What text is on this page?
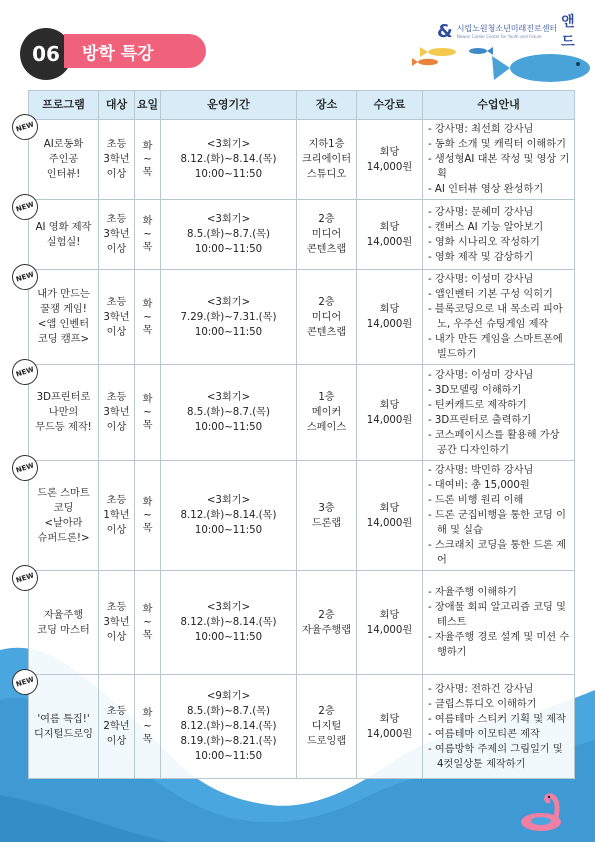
06	방학 특강
& 시립노원청소년미래진로센터
Nowon Career Center for Youth and Future
앤드
프로그램	대상	요일	운영기간	장소	수강료	수업안내

AI로동화
주인공
인터뷰!	초등
3학년
이상	화
~
목	<3회기>
8.12.(화)~8.14.(목)
10:00~11:50	지하1층
크리에이터
스튜디오	회당
14,000원	- 강사명: 최선희 강사님
- 동화 소개 및 캐릭터 이해하기
- 생성형AI 대본 작성 및 영상 기획
- AI 인터뷰 영상 완성하기

AI 영화 제작
실험실!	초등
3학년
이상	화
~
목	<3회기>
8.5.(화)~8.7.(목)
10:00~11:50	2층
미디어
콘텐츠랩	회당
14,000원	- 강사명: 문혜미 강사님
- 캔버스 AI 기능 알아보기
- 영화 시나리오 작성하기
- 영화 제작 및 감상하기

내가 만드는
꿀잼 게임!
<앱 인벤터
코딩 캠프>	초등
3학년
이상	화
~
목	<3회기>
7.29.(화)~7.31.(목)
10:00~11:50	2층
미디어
콘텐츠랩	회당
14,000원	- 강사명: 이성미 강사님
- 앱인벤터 기본 구성 익히기
- 블록코딩으로 내 목소리 피아노, 우주선 슈팅게임 제작
- 내가 만든 게임을 스마트폰에 빌드하기

3D프린터로
나만의
무드등 제작!	초등
3학년
이상	화
~
목	<3회기>
8.5.(화)~8.7.(목)
10:00~11:50	1층
메이커
스페이스	회당
14,000원	- 강사명: 이성미 강사님
- 3D모델링 이해하기
- 틴커캐드로 제작하기
- 3D프린터로 출력하기
- 코스페이시스를 활용해 가상 공간 디자인하기

드론 스마트
코딩
<날아라
슈퍼드론!>	초등
1학년
이상	화
~
목	<3회기>
8.12.(화)~8.14.(목)
10:00~11:50	3층
드론랩	회당
14,000원	- 강사명: 박민하 강사님
- 대여비: 총 15,000원
- 드론 비행 원리 이해
- 드론 군집비행을 통한 코딩 이해 및 실습
- 스크래치 코딩을 통한 드론 제어

자율주행
코딩 마스터	초등
3학년
이상	화
~
목	<3회기>
8.12.(화)~8.14.(목)
10:00~11:50	2층
자율주행랩	회당
14,000원	- 자율주행 이해하기
- 장애물 회피 알고리즘 코딩 및 테스트
- 자율주행 경로 설계 및 미션 수행하기

'여름 특집!'
디지털드로잉	초등
2학년
이상	화
~
목	<9회기>
8.5.(화)~8.7.(목)
8.12.(화)~8.14.(목)
8.19.(화)~8.21.(목)
10:00~11:50	2층
디지털
드로잉랩	회당
14,000원	- 강사명: 전하건 강사님
- 클립스튜디오 이해하기
- 여름테마 스티커 기획 및 제작
- 여름테마 이모티콘 제작
- 여름방학 주제의 그림일기 및 4컷일상툰 제작하기
NEW
NEW
NEW
NEW
NEW
NEW
NEW
